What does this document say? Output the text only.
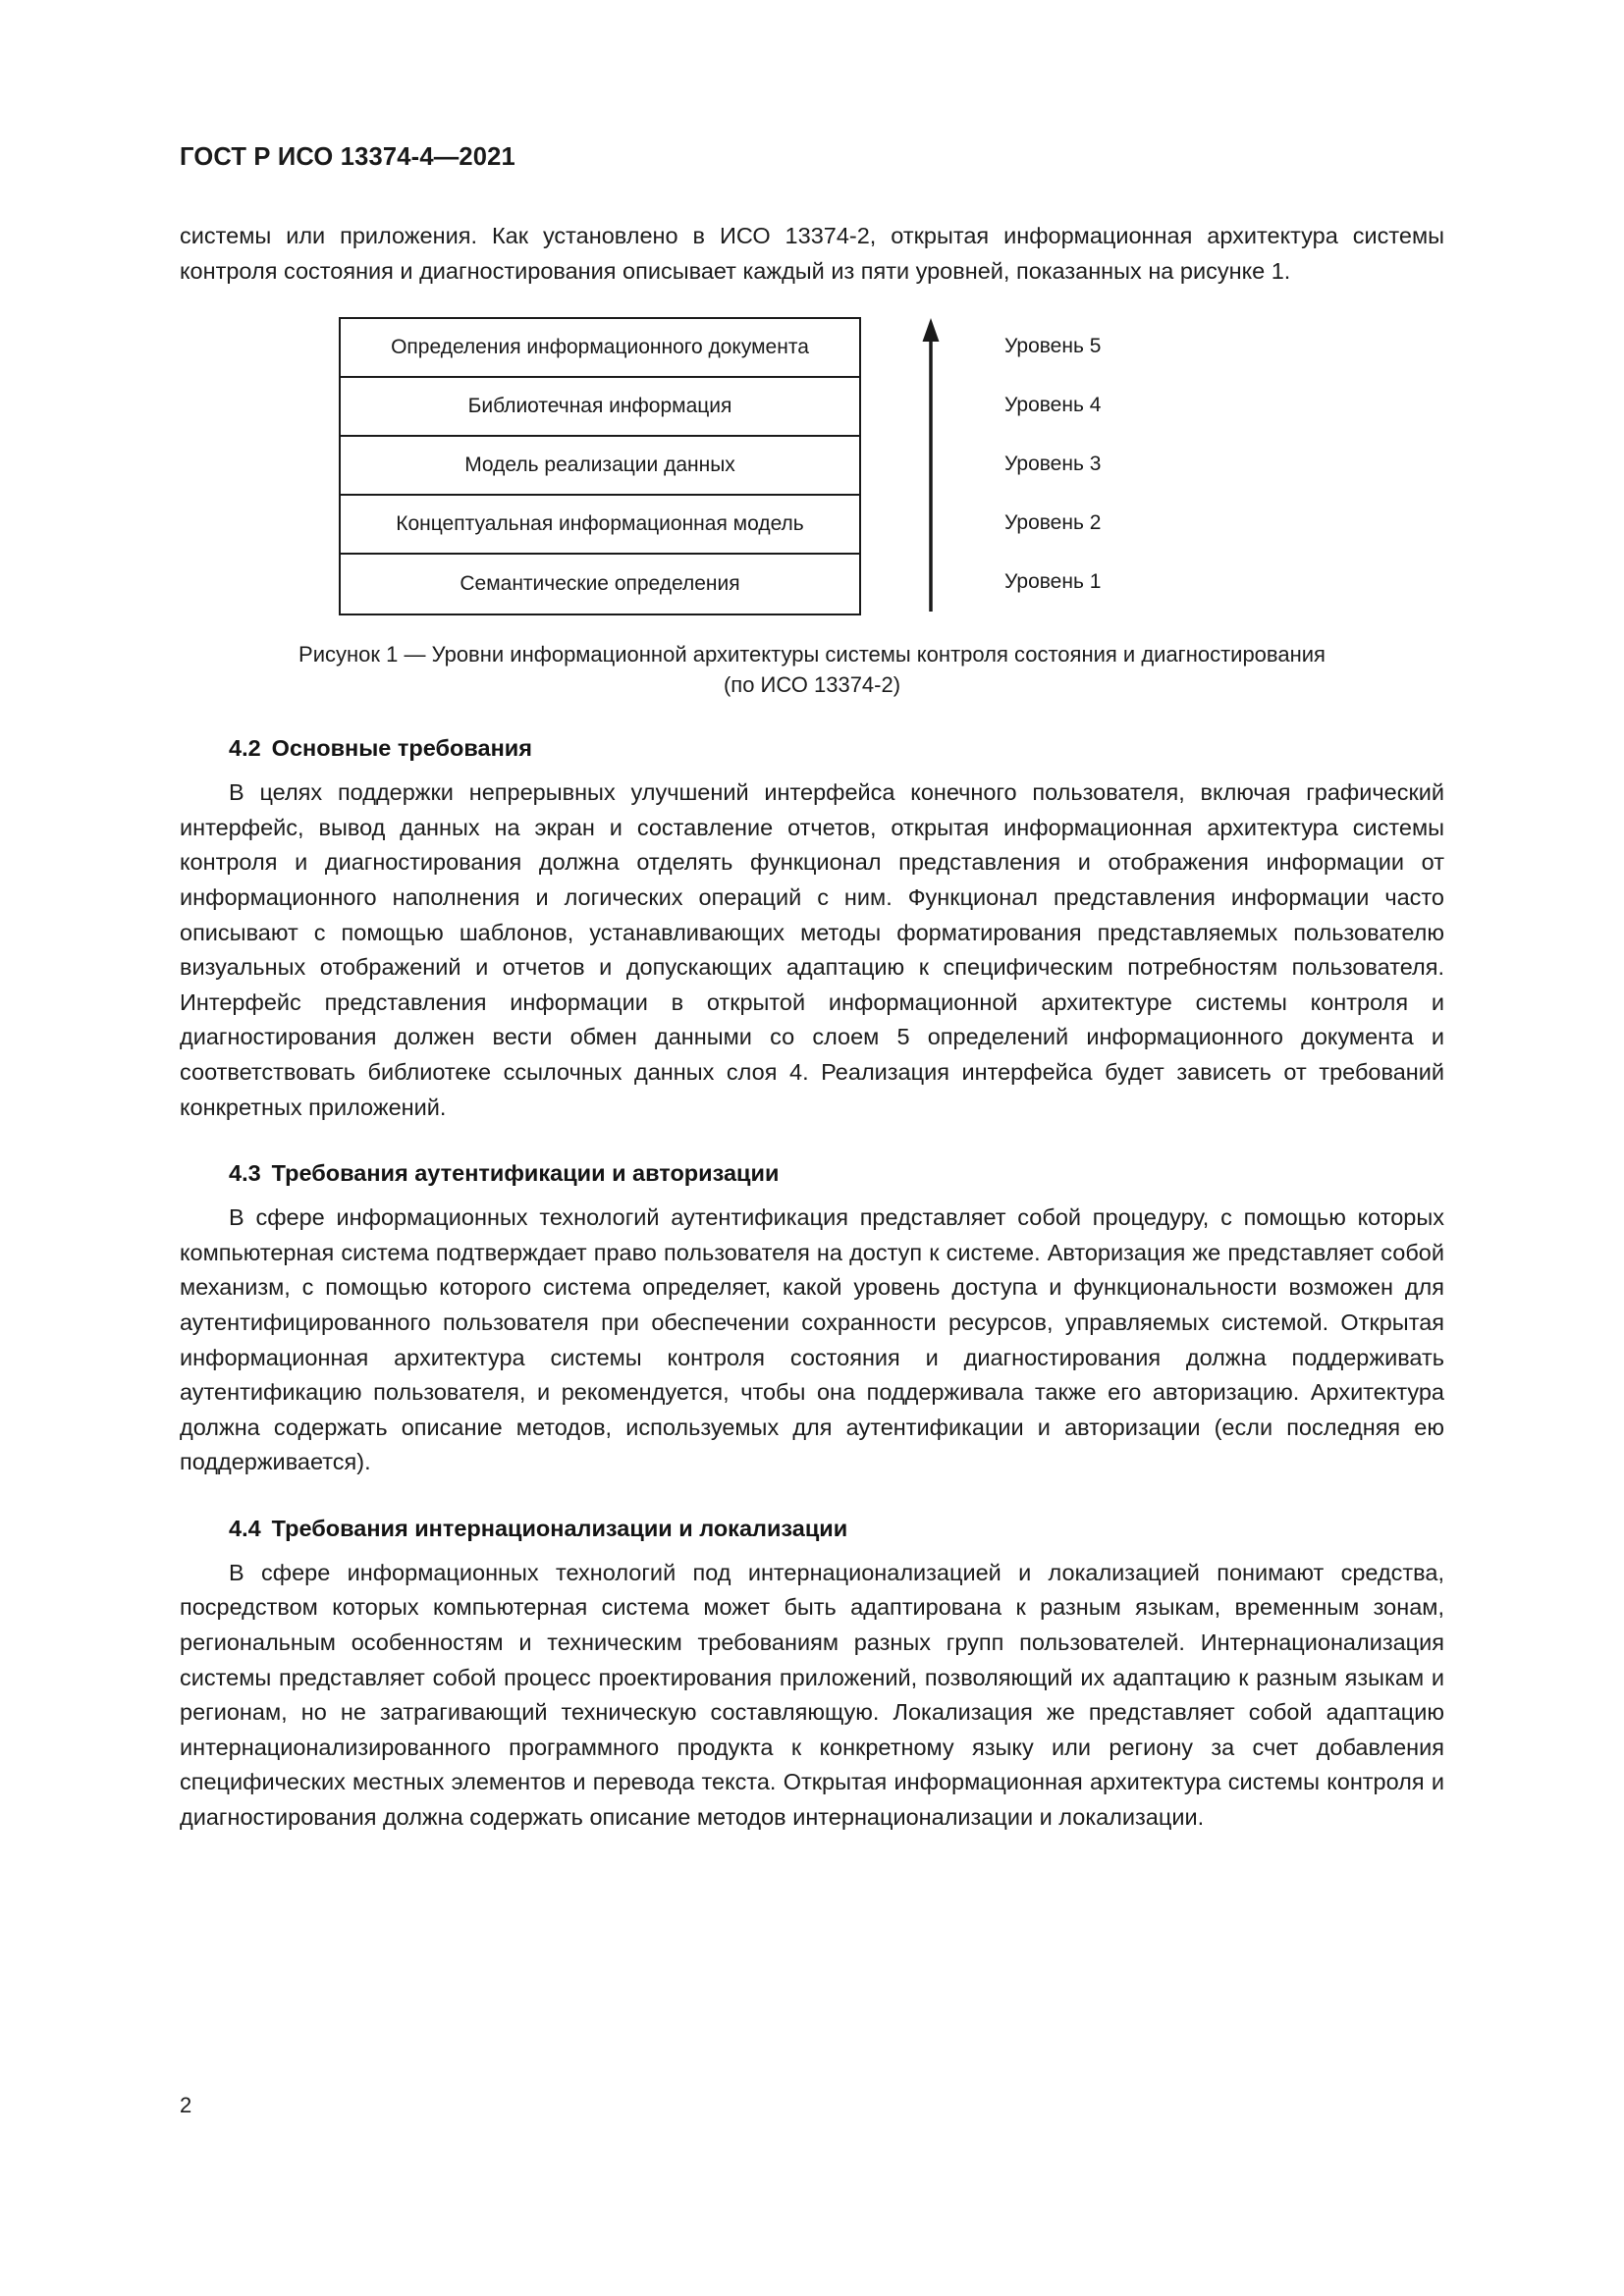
ГОСТ Р ИСО 13374-4—2021

системы или приложения. Как установлено в ИСО 13374-2, открытая информационная архитектура системы контроля состояния и диагностирования описывает каждый из пяти уровней, показанных на рисунке 1.

Определения информационного документа
Библиотечная информация
Модель реализации данных
Концептуальная информационная модель
Семантические определения
Уровень 5
Уровень 4
Уровень 3
Уровень 2
Уровень 1
Рисунок 1 — Уровни информационной архитектуры системы контроля состояния и диагностирования
(по ИСО 13374-2)
4.2 Основные требования

В целях поддержки непрерывных улучшений интерфейса конечного пользователя, включая графический интерфейс, вывод данных на экран и составление отчетов, открытая информационная архитектура системы контроля и диагностирования должна отделять функционал представления и отображения информации от информационного наполнения и логических операций с ним. Функционал представления информации часто описывают с помощью шаблонов, устанавливающих методы форматирования представляемых пользователю визуальных отображений и отчетов и допускающих адаптацию к специфическим потребностям пользователя. Интерфейс представления информации в открытой информационной архитектуре системы контроля и диагностирования должен вести обмен данными со слоем 5 определений информационного документа и соответствовать библиотеке ссылочных данных слоя 4. Реализация интерфейса будет зависеть от требований конкретных приложений.

4.3 Требования аутентификации и авторизации

В сфере информационных технологий аутентификация представляет собой процедуру, с помощью которых компьютерная система подтверждает право пользователя на доступ к системе. Авторизация же представляет собой механизм, с помощью которого система определяет, какой уровень доступа и функциональности возможен для аутентифицированного пользователя при обеспечении сохранности ресурсов, управляемых системой. Открытая информационная архитектура системы контроля состояния и диагностирования должна поддерживать аутентификацию пользователя, и рекомендуется, чтобы она поддерживала также его авторизацию. Архитектура должна содержать описание методов, используемых для аутентификации и авторизации (если последняя ею поддерживается).

4.4 Требования интернационализации и локализации

В сфере информационных технологий под интернационализацией и локализацией понимают средства, посредством которых компьютерная система может быть адаптирована к разным языкам, временным зонам, региональным особенностям и техническим требованиям разных групп пользователей. Интернационализация системы представляет собой процесс проектирования приложений, позволяющий их адаптацию к разным языкам и регионам, но не затрагивающий техническую составляющую. Локализация же представляет собой адаптацию интернационализированного программного продукта к конкретному языку или региону за счет добавления специфических местных элементов и перевода текста. Открытая информационная архитектура системы контроля и диагностирования должна содержать описание методов интернационализации и локализации.

2
